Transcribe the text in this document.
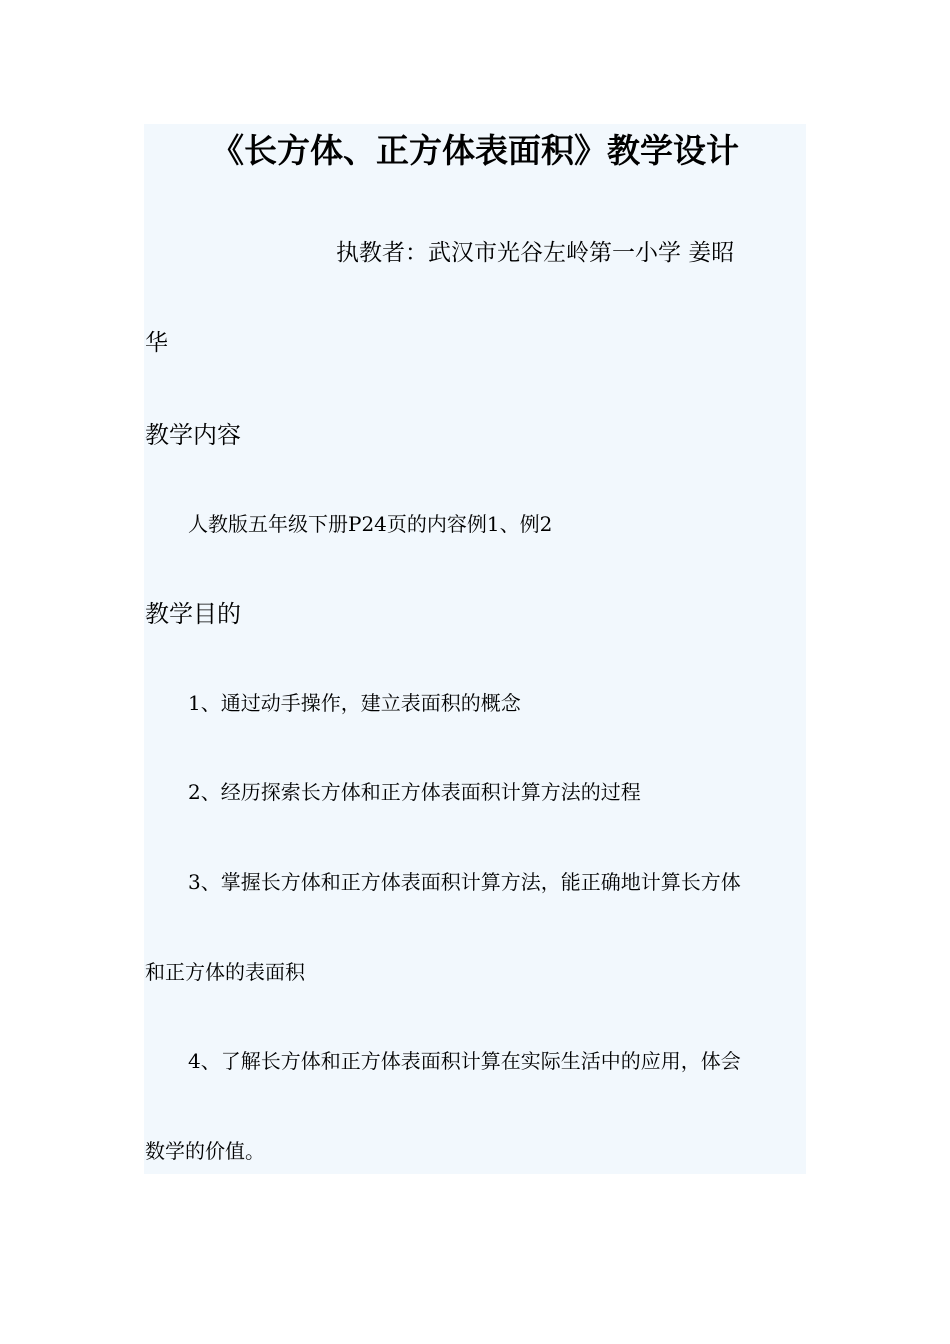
《长方体、正方体表面积》教学设计
执教者：武汉市光谷左岭第一小学 姜昭
华
教学内容
人教版五年级下册P24页的内容例1、例2
教学目的
1、通过动手操作，建立表面积的概念
2、经历探索长方体和正方体表面积计算方法的过程
3、掌握长方体和正方体表面积计算方法，能正确地计算长方体
和正方体的表面积
4、了解长方体和正方体表面积计算在实际生活中的应用，体会
数学的价值。
